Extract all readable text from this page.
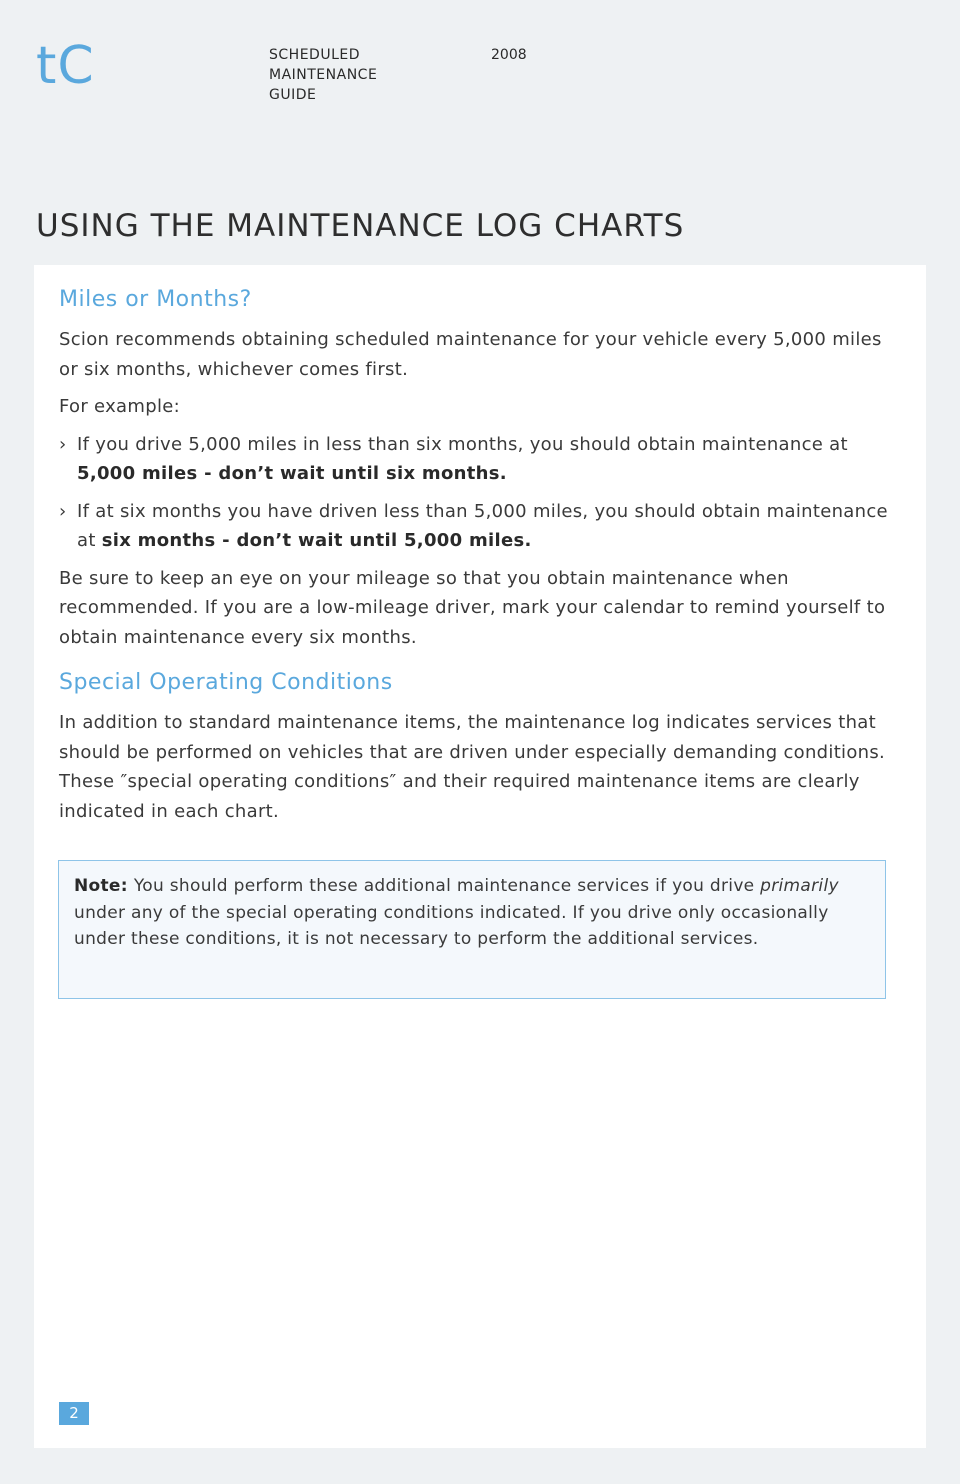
tC	SCHEDULED
MAINTENANCE
GUIDE
2008
USING THE MAINTENANCE LOG CHARTS
Miles or Months?

Scion recommends obtaining scheduled maintenance for your vehicle every 5,000 miles or six months, whichever comes first.

For example:

› If you drive 5,000 miles in less than six months, you should obtain maintenance at 5,000 miles - don’t wait until six months.

› If at six months you have driven less than 5,000 miles, you should obtain maintenance at six months - don’t wait until 5,000 miles.

Be sure to keep an eye on your mileage so that you obtain maintenance when recommended. If you are a low-mileage driver, mark your calendar to remind yourself to obtain maintenance every six months.

Special Operating Conditions

In addition to standard maintenance items, the maintenance log indicates services that should be performed on vehicles that are driven under especially demanding conditions. These ″special operating conditions″ and their required maintenance items are clearly indicated in each chart.

Note: You should perform these additional maintenance services if you drive primarily under any of the special operating conditions indicated. If you drive only occasionally under these conditions, it is not necessary to perform the additional services.

2
